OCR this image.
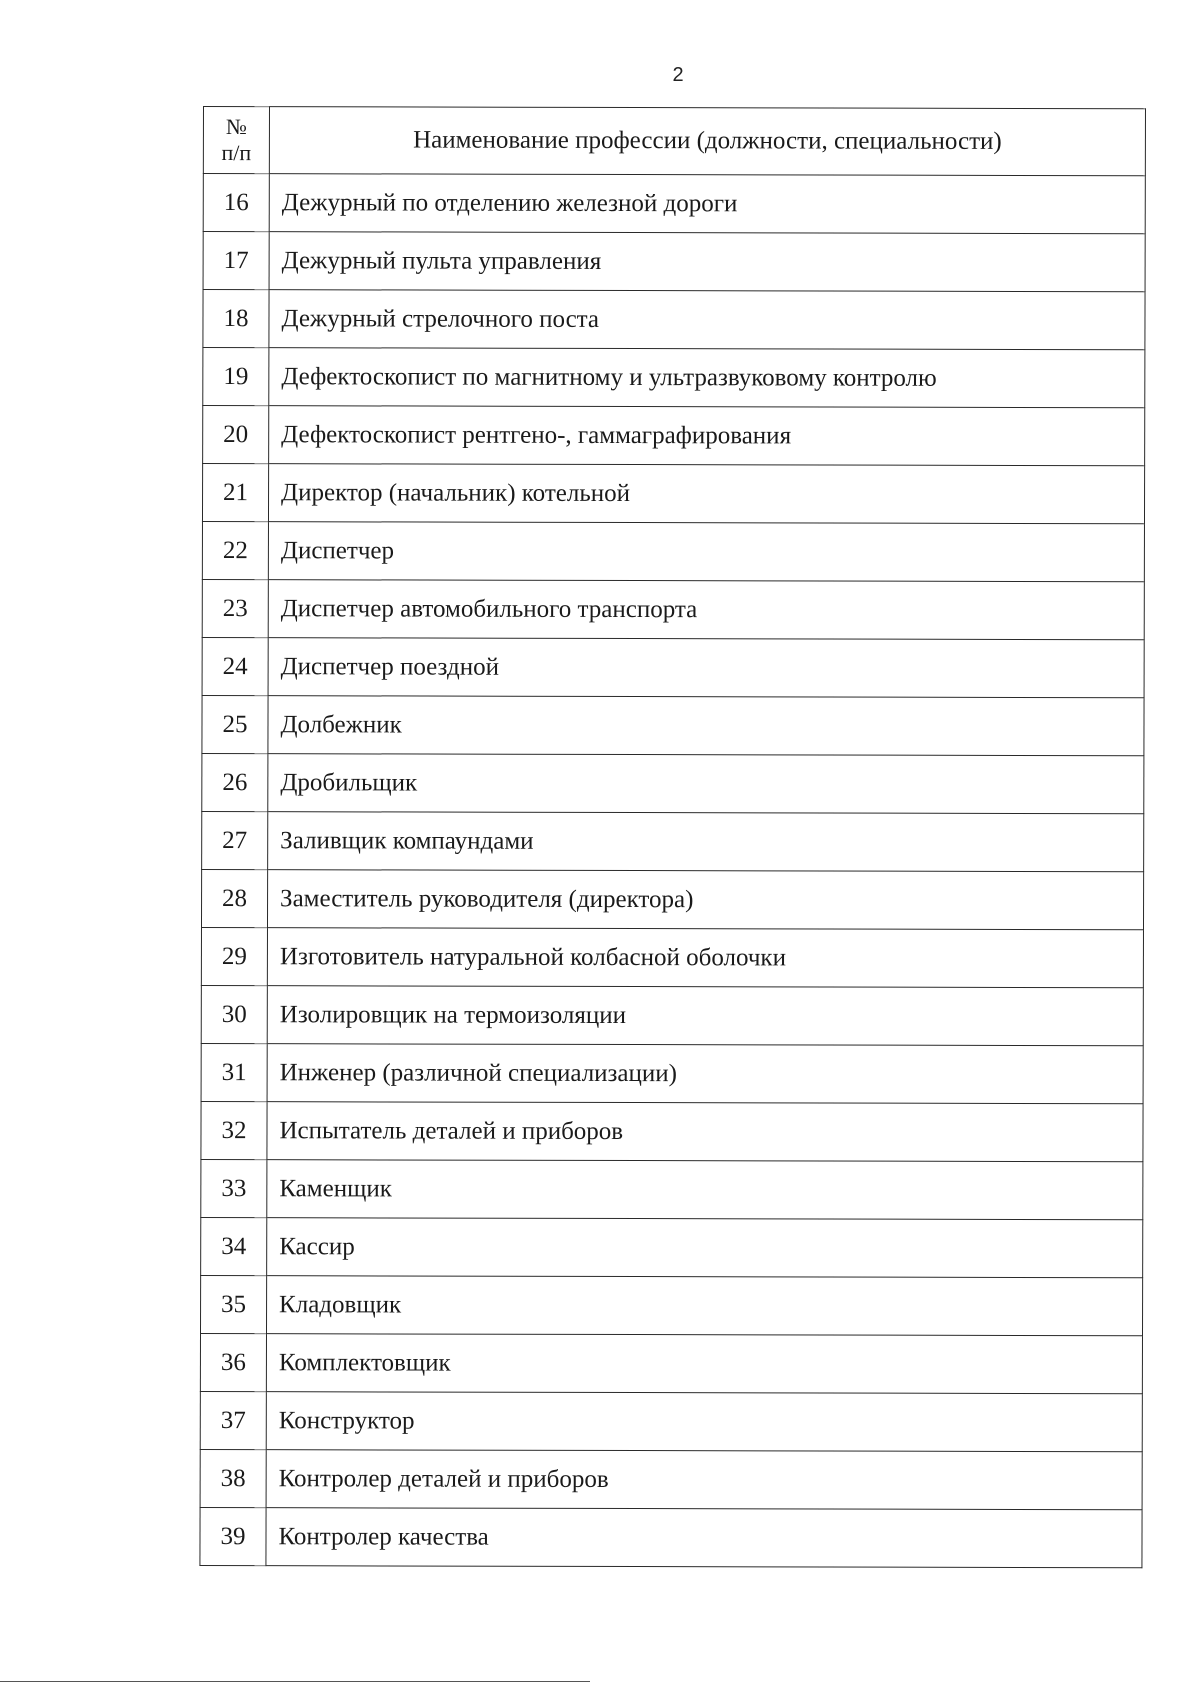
2
№
п/п	Наименование профессии (должности, специальности)
16	Дежурный по отделению железной дороги
17	Дежурный пульта управления
18	Дежурный стрелочного поста
19	Дефектоскопист по магнитному и ультразвуковому контролю
20	Дефектоскопист рентгено-, гаммаграфирования
21	Директор (начальник) котельной
22	Диспетчер
23	Диспетчер автомобильного транспорта
24	Диспетчер поездной
25	Долбежник
26	Дробильщик
27	Заливщик компаундами
28	Заместитель руководителя (директора)
29	Изготовитель натуральной колбасной оболочки
30	Изолировщик на термоизоляции
31	Инженер (различной специализации)
32	Испытатель деталей и приборов
33	Каменщик
34	Кассир
35	Кладовщик
36	Комплектовщик
37	Конструктор
38	Контролер деталей и приборов
39	Контролер качества
